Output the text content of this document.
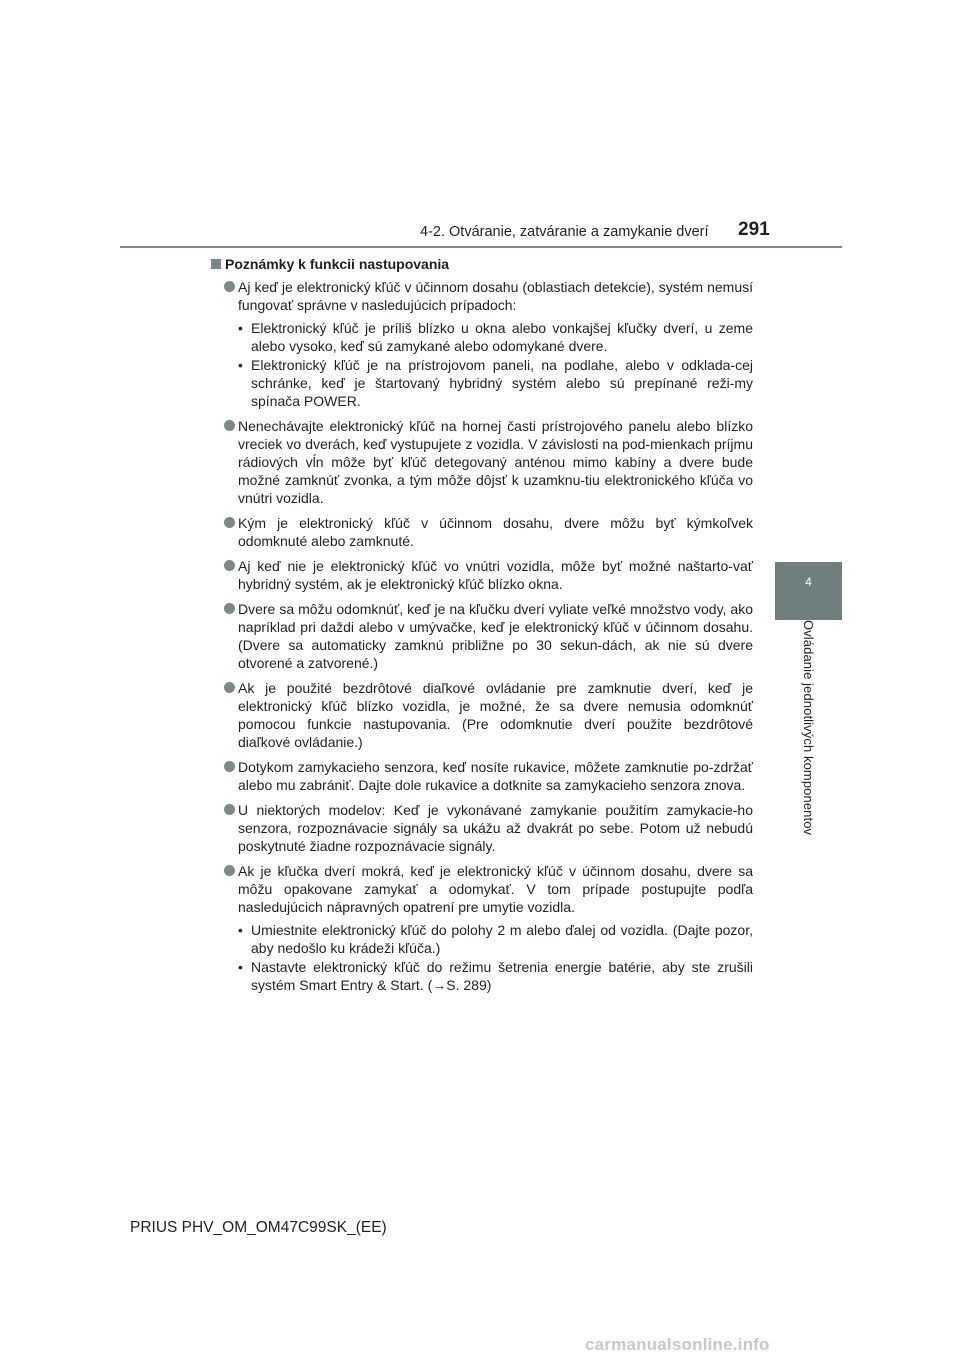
4-2. Otváranie, zatváranie a zamykanie dverí 291
4
Ovládanie jednotlivých komponentov
Poznámky k funkcii nastupovania
Aj keď je elektronický kľúč v účinnom dosahu (oblastiach detekcie), systém nemusí fungovať správne v nasledujúcich prípadoch:
• Elektronický kľúč je príliš blízko u okna alebo vonkajšej kľučky dverí, u zeme alebo vysoko, keď sú zamykané alebo odomykané dvere.
• Elektronický kľúč je na prístrojovom paneli, na podlahe, alebo v odklada-cej schránke, keď je štartovaný hybridný systém alebo sú prepínané reži-my spínača POWER.
Nenechávajte elektronický kľúč na hornej časti prístrojového panelu alebo blízko vreciek vo dverách, keď vystupujete z vozidla. V závislosti na pod-mienkach príjmu rádiových vĺn môže byť kľúč detegovaný anténou mimo kabíny a dvere bude možné zamknúť zvonka, a tým môže dôjsť k uzamknu-tiu elektronického kľúča vo vnútri vozidla.
Kým je elektronický kľúč v účinnom dosahu, dvere môžu byť kýmkoľvek odomknuté alebo zamknuté.
Aj keď nie je elektronický kľúč vo vnútri vozidla, môže byť možné naštarto-vať hybridný systém, ak je elektronický kľúč blízko okna.
Dvere sa môžu odomknúť, keď je na kľučku dverí vyliate veľké množstvo vody, ako napríklad pri daždi alebo v umývačke, keď je elektronický kľúč v účinnom dosahu. (Dvere sa automaticky zamknú približne po 30 sekun-dách, ak nie sú dvere otvorené a zatvorené.)
Ak je použité bezdrôtové diaľkové ovládanie pre zamknutie dverí, keď je elektronický kľúč blízko vozidla, je možné, že sa dvere nemusia odomknúť pomocou funkcie nastupovania. (Pre odomknutie dverí použite bezdrôtové diaľkové ovládanie.)
Dotykom zamykacieho senzora, keď nosíte rukavice, môžete zamknutie po-zdržať alebo mu zabrániť. Dajte dole rukavice a dotknite sa zamykacieho senzora znova.
U niektorých modelov: Keď je vykonávané zamykanie použitím zamykacie-ho senzora, rozpoznávacie signály sa ukážu až dvakrát po sebe. Potom už nebudú poskytnuté žiadne rozpoznávacie signály.
Ak je kľučka dverí mokrá, keď je elektronický kľúč v účinnom dosahu, dvere sa môžu opakovane zamykať a odomykať. V tom prípade postupujte podľa nasledujúcich nápravných opatrení pre umytie vozidla.
• Umiestnite elektronický kľúč do polohy 2 m alebo ďalej od vozidla. (Dajte pozor, aby nedošlo ku krádeži kľúča.)
• Nastavte elektronický kľúč do režimu šetrenia energie batérie, aby ste zrušili systém Smart Entry & Start. (→S. 289)
PRIUS PHV_OM_OM47C99SK_(EE)
carmanualsonline.info
